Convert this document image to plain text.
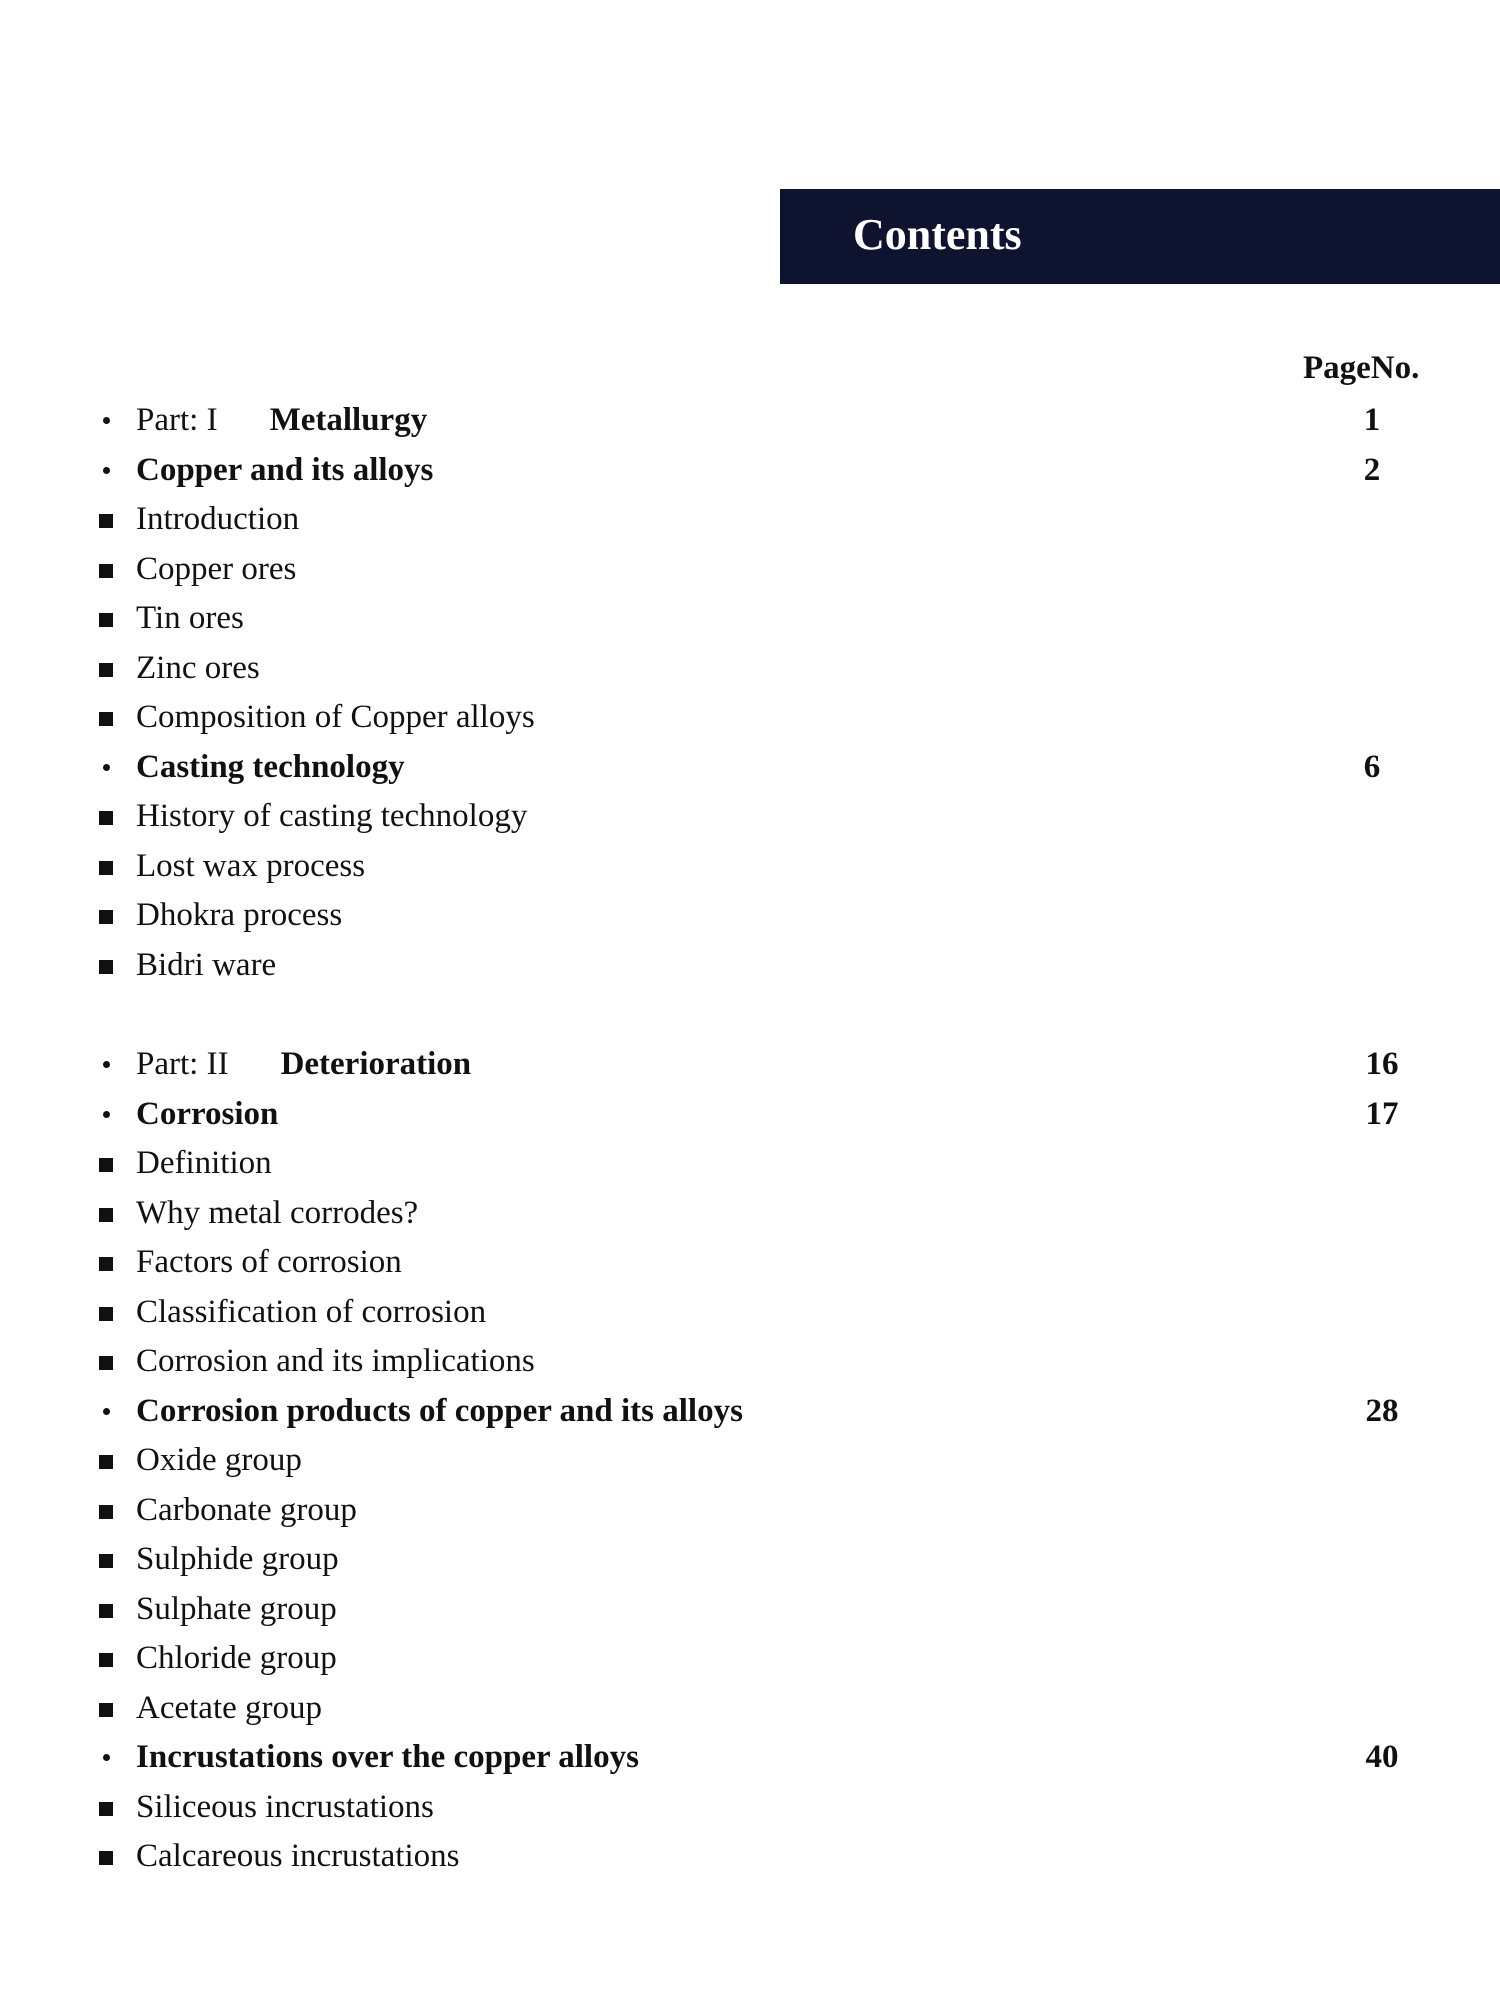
Contents
PageNo.
Part: I Metallurgy	1
Copper and its alloys	2
Introduction
Copper ores
Tin ores
Zinc ores
Composition of Copper alloys
Casting technology	6
History of casting technology
Lost wax process
Dhokra process
Bidri ware
Part: II Deterioration	16
Corrosion	17
Definition
Why metal corrodes?
Factors of corrosion
Classification of corrosion
Corrosion and its implications
Corrosion products of copper and its alloys	28
Oxide group
Carbonate group
Sulphide group
Sulphate group
Chloride group
Acetate group
Incrustations over the copper alloys	40
Siliceous incrustations
Calcareous incrustations
